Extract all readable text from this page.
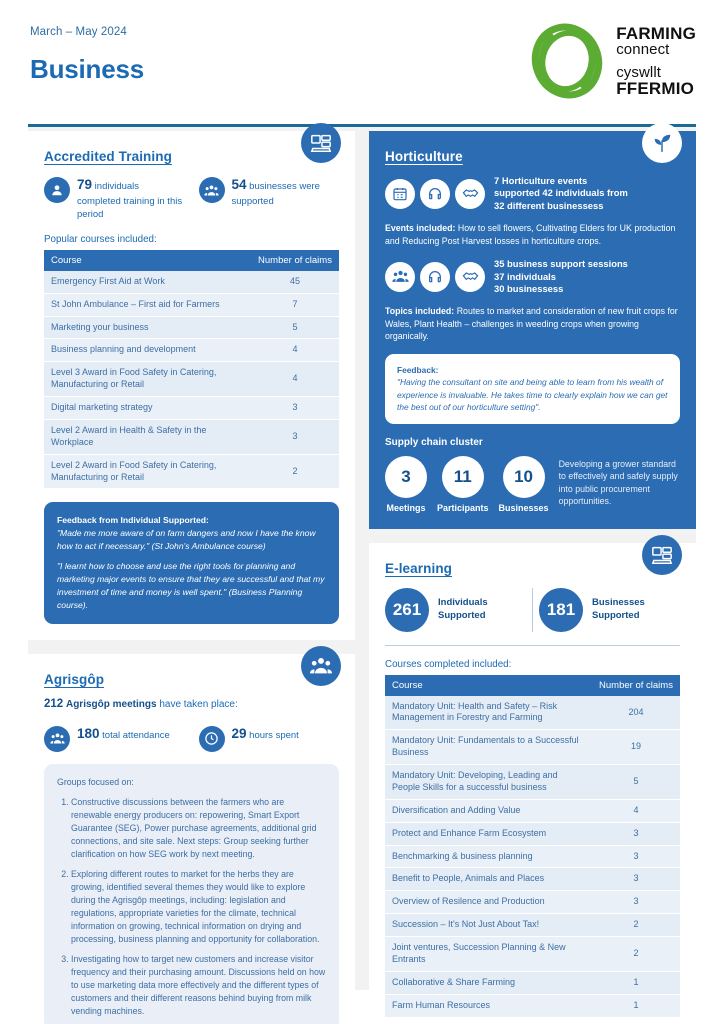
March – May 2024
Business
FARMING
connect
cyswllt
FFERMIO
Accredited Training
79 individuals completed training in this period
54 businesses were supported
Popular courses included:
Course	Number of claims
Emergency First Aid at Work	45
St John Ambulance – First aid for Farmers	7
Marketing your business	5
Business planning and development	4
Level 3 Award in Food Safety in Catering, Manufacturing or Retail	4
Digital marketing strategy	3
Level 2 Award in Health & Safety in the Workplace	3
Level 2 Award in Food Safety in Catering, Manufacturing or Retail	2
Feedback from Individual Supported:

"Made me more aware of on farm dangers and now I have the know how to act if necessary." (St John's Ambulance course)

"I learnt how to choose and use the right tools for planning and marketing major events to ensure that they are successful and that my investment of time and money is well spent." (Business Planning course).

Agrisgôp
212 Agrisgôp meetings have taken place:
180 total attendance	29 hours spent
Groups focused on:
1. Constructive discussions between the farmers who are renewable energy producers on: repowering, Smart Export Guarantee (SEG), Power purchase agreements, additional grid connections, and site sale. Next steps: Group seeking further clarification on how SEG work by next meeting.
2. Exploring different routes to market for the herbs they are growing, identified several themes they would like to explore during the Agrisgôp meetings, including: legislation and regulations, appropriate varieties for the climate, technical information on growing, technical information on drying and processing, business planning and opportunity for collaboration.
3. Investigating how to target new customers and increase visitor frequency and their purchasing amount. Discussions held on how to use marketing data more effectively and the different types of customers and their different reasons behind buying from milk vending machines.
Horticulture
7 Horticulture events
supported 42 individuals from
32 different businessess
Events included: How to sell flowers, Cultivating Elders for UK production and Reducing Post Harvest losses in horticulture crops.
35 business support sessions
37 individuals
30 businessess
Topics included: Routes to market and consideration of new fruit crops for Wales, Plant Health – challenges in weeding crops when growing organically.
Feedback:
"Having the consultant on site and being able to learn from his wealth of experience is invaluable. He takes time to clearly explain how we can get the best out of our horticulture setting".
Supply chain cluster
3
Meetings
11
Participants
10
Businesses
Developing a grower standard to effectively and safely supply into public procurement opportunities.
E-learning
261	Individuals Supported	181	Businesses Supported
Courses completed included:
Course	Number of claims
Mandatory Unit: Health and Safety – Risk Management in Forestry and Farming	204
Mandatory Unit: Fundamentals to a Successful Business	19
Mandatory Unit: Developing, Leading and People Skills for a successful business	5
Diversification and Adding Value	4
Protect and Enhance Farm Ecosystem	3
Benchmarking & business planning	3
Benefit to People, Animals and Places	3
Overview of Resilence and Production	3
Succession – It's Not Just About Tax!	2
Joint ventures, Succession Planning & New Entrants	2
Collaborative & Share Farming	1
Farm Human Resources	1
